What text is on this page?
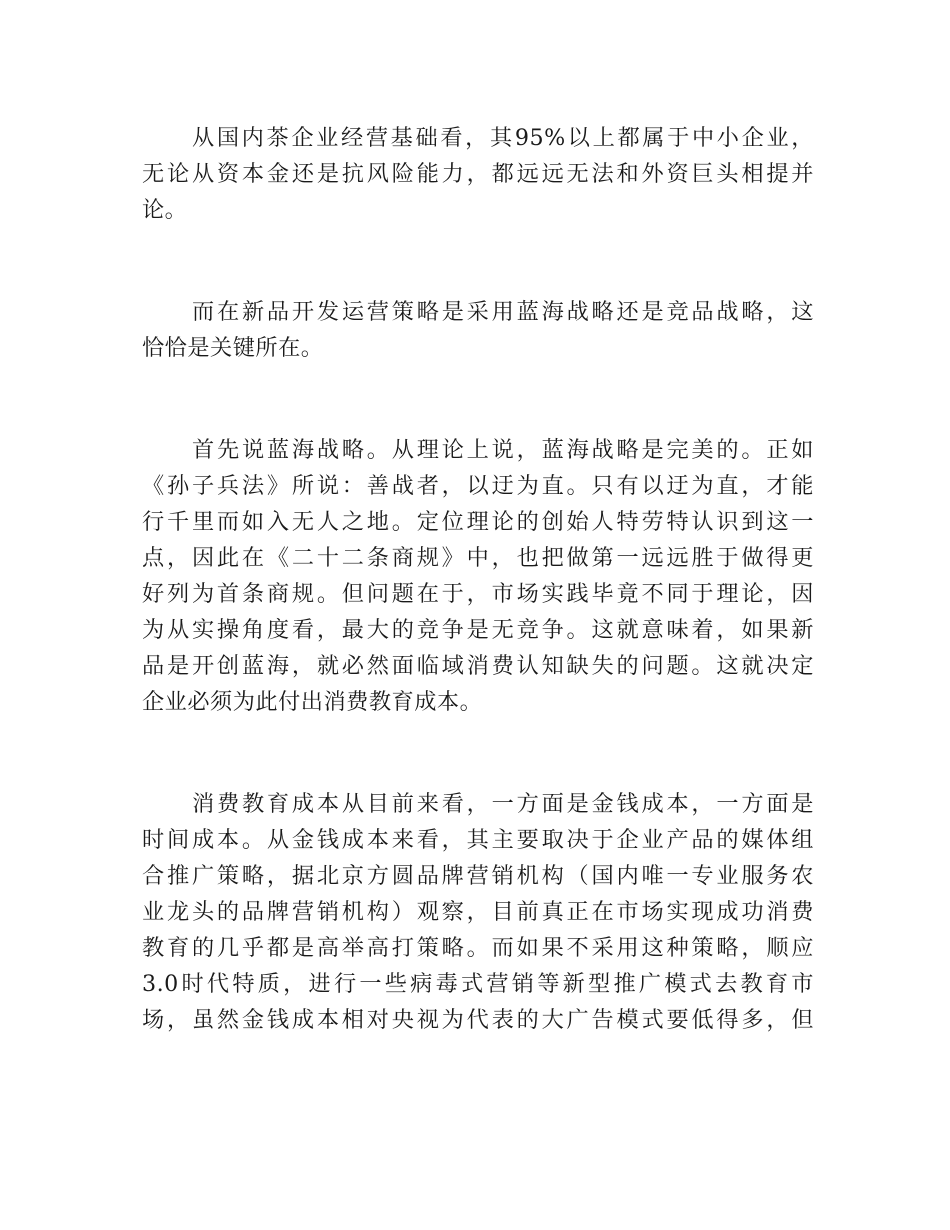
从国内茶企业经营基础看，其95%以上都属于中小企业，
无论从资本金还是抗风险能力，都远远无法和外资巨头相提并
论。
而在新品开发运营策略是采用蓝海战略还是竞品战略，这
恰恰是关键所在。
首先说蓝海战略。从理论上说，蓝海战略是完美的。正如
《孙子兵法》所说：善战者，以迂为直。只有以迂为直，才能
行千里而如入无人之地。定位理论的创始人特劳特认识到这一
点，因此在《二十二条商规》中，也把做第一远远胜于做得更
好列为首条商规。但问题在于，市场实践毕竟不同于理论，因
为从实操角度看，最大的竞争是无竞争。这就意味着，如果新
品是开创蓝海，就必然面临域消费认知缺失的问题。这就决定
企业必须为此付出消费教育成本。
消费教育成本从目前来看，一方面是金钱成本，一方面是
时间成本。从金钱成本来看，其主要取决于企业产品的媒体组
合推广策略，据北京方圆品牌营销机构（国内唯一专业服务农
业龙头的品牌营销机构）观察，目前真正在市场实现成功消费
教育的几乎都是高举高打策略。而如果不采用这种策略，顺应
3.0时代特质，进行一些病毒式营销等新型推广模式去教育市
场，虽然金钱成本相对央视为代表的大广告模式要低得多，但
